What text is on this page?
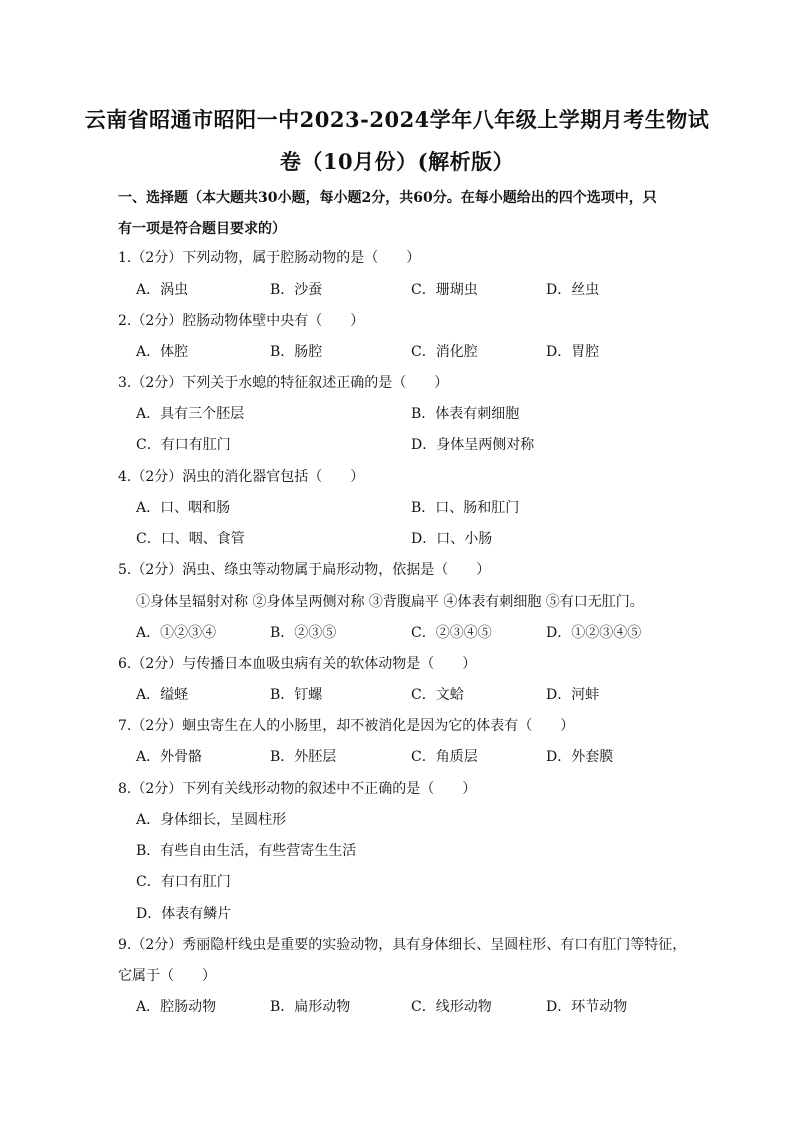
云南省昭通市昭阳一中2023-2024学年八年级上学期月考生物试
卷（10月份）(解析版）
一、选择题（本大题共30小题，每小题2分，共60分。在每小题给出的四个选项中，只
有一项是符合题目要求的）
1.（2分）下列动物，属于腔肠动物的是（　　）
A．涡虫	B．沙蚕	C．珊瑚虫	D．丝虫
2.（2分）腔肠动物体壁中央有（　　）
A．体腔	B．肠腔	C．消化腔	D．胃腔
3.（2分）下列关于水螅的特征叙述正确的是（　　）
A．具有三个胚层	B．体表有刺细胞
C．有口有肛门	D．身体呈两侧对称
4.（2分）涡虫的消化器官包括（　　）
A．口、咽和肠	B．口、肠和肛门
C．口、咽、食管	D．口、小肠
5.（2分）涡虫、绦虫等动物属于扁形动物，依据是（　　）
①身体呈辐射对称 ②身体呈两侧对称 ③背腹扁平 ④体表有刺细胞 ⑤有口无肛门。
A．①②③④	B．②③⑤	C．②③④⑤	D．①②③④⑤
6.（2分）与传播日本血吸虫病有关的软体动物是（　　）
A．缢蛏	B．钉螺	C．文蛤	D．河蚌
7.（2分）蛔虫寄生在人的小肠里，却不被消化是因为它的体表有（　　）
A．外骨骼	B．外胚层	C．角质层	D．外套膜
8.（2分）下列有关线形动物的叙述中不正确的是（　　）
A．身体细长，呈圆柱形
B．有些自由生活，有些营寄生生活
C．有口有肛门
D．体表有鳞片
9.（2分）秀丽隐杆线虫是重要的实验动物，具有身体细长、呈圆柱形、有口有肛门等特征，
它属于（　　）
A．腔肠动物	B．扁形动物	C．线形动物	D．环节动物
